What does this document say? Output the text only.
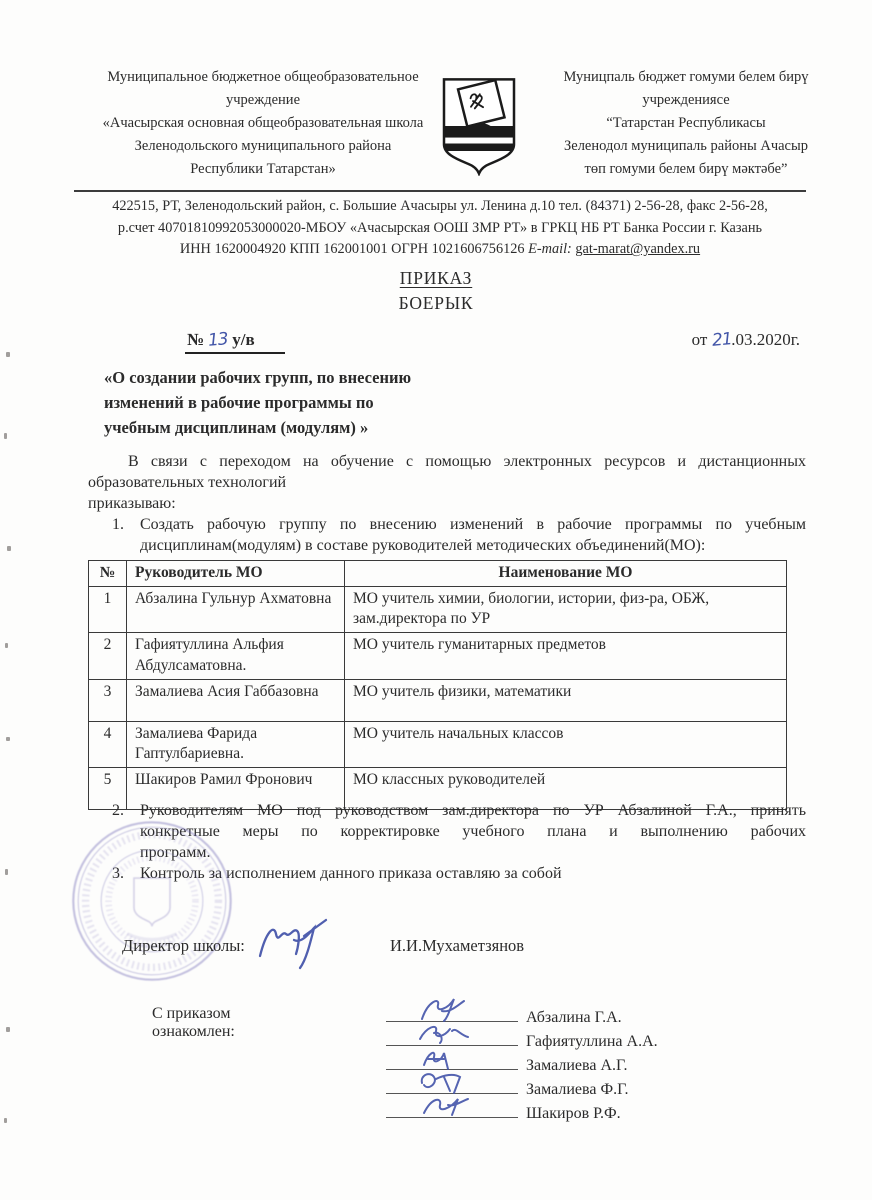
Муниципальное бюджетное общеобразовательное
учреждение
«Ачасырская основная общеобразовательная школа
Зеленодольского муниципального района
Республики Татарстан»
Муницпаль бюджет гомуми белем бирү
учреждениясе
“Татарстан Республикасы
Зеленодол муниципаль районы Ачасыр
төп гомуми белем бирү мәктәбе”
422515, РТ, Зеленодольский район, с. Большие Ачасыры ул. Ленина д.10 тел. (84371) 2-56-28, факс 2-56-28,
р.счет 40701810992053000020-МБОУ «Ачасырская ООШ ЗМР РТ» в ГРКЦ НБ РТ Банка России г. Казань
ИНН 1620004920 КПП 162001001 ОГРН 1021606756126 E-mail: gat-marat@yandex.ru
ПРИКАЗ
БОЕРЫК
№ 13 у/в	от 21.03.2020г.
«О создании рабочих групп, по внесению
изменений в рабочие программы по
учебным дисциплинам (модулям) »
В связи с переходом на обучение с помощью электронных ресурсов и дистанционных
образовательных технологий
приказываю:
1. Создать рабочую группу по внесению изменений в рабочие программы по учебным
дисциплинам(модулям) в составе руководителей методических объединений(МО):
№	Руководитель МО	Наименование МО
1	Абзалина Гульнур Ахматовна	МО учитель химии, биологии, истории, физ-ра, ОБЖ, зам.директора по УР
2	Гафиятуллина Альфия Абдулсаматовна.	МО учитель гуманитарных предметов
3	Замалиева Асия Габбазовна	МО учитель физики, математики
4	Замалиева Фарида Гаптулбариевна.	МО учитель начальных классов
5	Шакиров Рамил Фронович	МО классных руководителей
2. Руководителям МО под руководством зам.директора по УР Абзалиной Г.А., принять
конкретные меры по корректировке учебного плана и выполнению рабочих
программ.
3. Контроль за исполнением данного приказа оставляю за собой
Директор школы:	И.И.Мухаметзянов
С приказом ознакомлен:
Абзалина Г.А.
Гафиятуллина А.А.
Замалиева А.Г.
Замалиева Ф.Г.
Шакиров Р.Ф.
